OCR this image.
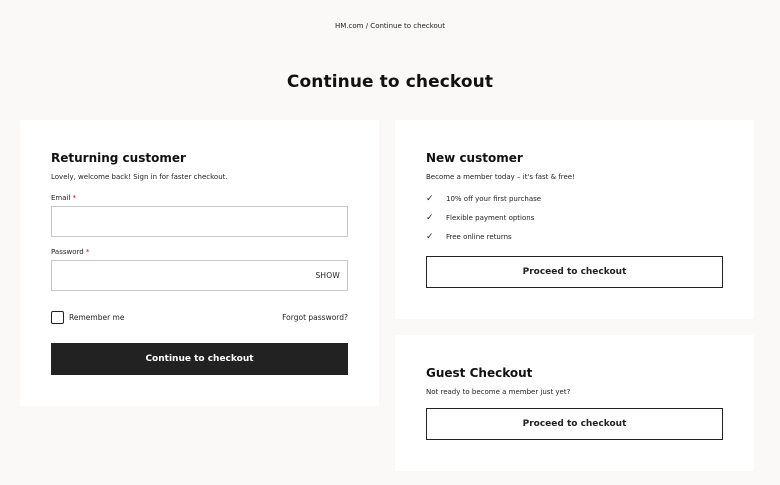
HM.com / Continue to checkout
Continue to checkout
Returning customer
Lovely, welcome back! Sign in for faster checkout.
Email *
Password *
SHOW
Remember me	Forgot password?
Continue to checkout
New customer
Become a member today – it's fast & free!
✓	10% off your first purchase
✓	Flexible payment options
✓	Free online returns
Proceed to checkout
Guest Checkout
Not ready to become a member just yet?
Proceed to checkout
